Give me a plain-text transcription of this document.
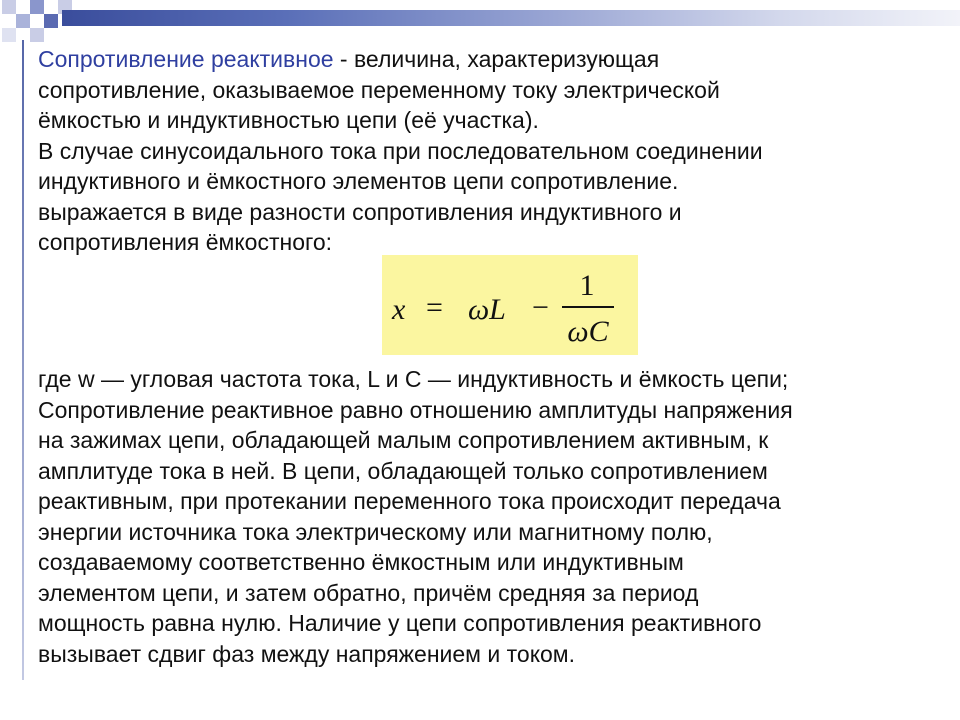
Сопротивление реактивное - величина, характеризующая
сопротивление, оказываемое переменному току электрической
ёмкостью и индуктивностью цепи (её участка).
В случае синусоидального тока при последовательном соединении
индуктивного и ёмкостного элементов цепи сопротивление.
выражается в виде разности сопротивления индуктивного и
сопротивления ёмкостного:

x = ωL −
1
ωC

где w — угловая частота тока, L и C — индуктивность и ёмкость цепи;
Сопротивление реактивное равно отношению амплитуды напряжения
на зажимах цепи, обладающей малым сопротивлением активным, к
амплитуде тока в ней. В цепи, обладающей только сопротивлением
реактивным, при протекании переменного тока происходит передача
энергии источника тока электрическому или магнитному полю,
создаваемому соответственно ёмкостным или индуктивным
элементом цепи, и затем обратно, причём средняя за период
мощность равна нулю. Наличие у цепи сопротивления реактивного
вызывает сдвиг фаз между напряжением и током.
